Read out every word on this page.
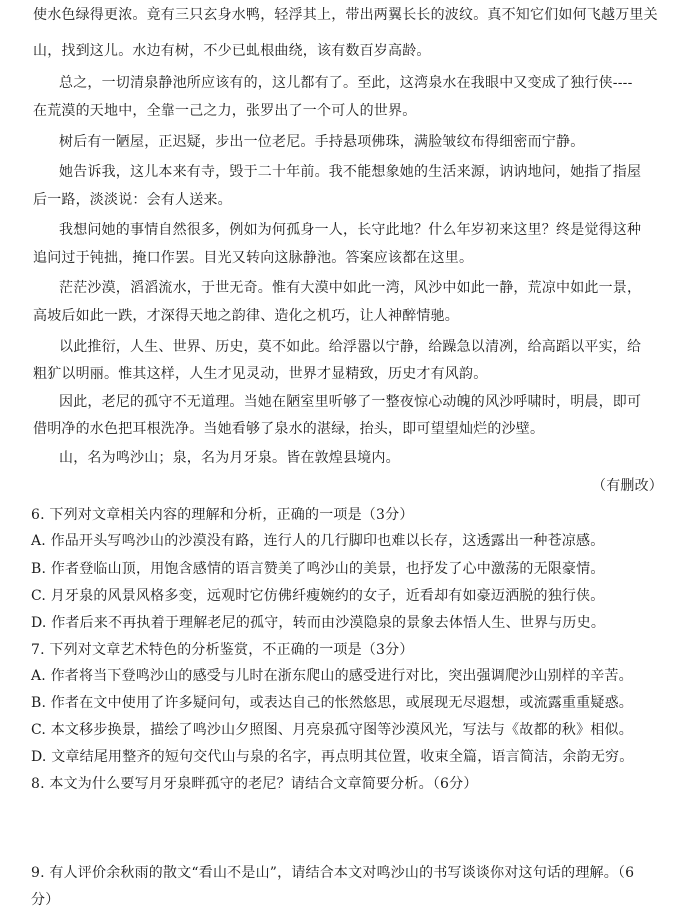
使水色绿得更浓。竟有三只玄身水鸭，轻浮其上，带出两翼长长的波纹。真不知它们如何飞越万里关
山，找到这儿。水边有树，不少已虬根曲绕，该有数百岁高龄。
总之，一切清泉静池所应该有的，这儿都有了。至此，这湾泉水在我眼中又变成了独行侠----
在荒漠的天地中，全靠一己之力，张罗出了一个可人的世界。
树后有一陋屋，正迟疑，步出一位老尼。手持悬项佛珠，满脸皱纹布得细密而宁静。
她告诉我，这儿本来有寺，毁于二十年前。我不能想象她的生活来源，讷讷地问，她指了指屋
后一路，淡淡说：会有人送来。
我想问她的事情自然很多，例如为何孤身一人，长守此地？什么年岁初来这里？终是觉得这种
追问过于钝拙，掩口作罢。目光又转向这脉静池。答案应该都在这里。
茫茫沙漠，滔滔流水，于世无奇。惟有大漠中如此一湾，风沙中如此一静，荒凉中如此一景，
高坡后如此一跌，才深得天地之韵律、造化之机巧，让人神醉情驰。
以此推衍，人生、世界、历史，莫不如此。给浮嚣以宁静，给躁急以清冽，给高蹈以平实，给
粗犷以明丽。惟其这样，人生才见灵动，世界才显精致，历史才有风韵。
因此，老尼的孤守不无道理。当她在陋室里听够了一整夜惊心动魄的风沙呼啸时，明晨，即可
借明净的水色把耳根洗净。当她看够了泉水的湛绿，抬头，即可望望灿烂的沙壁。
山，名为鸣沙山；泉，名为月牙泉。皆在敦煌县境内。
（有删改）
6. 下列对文章相关内容的理解和分析，正确的一项是（3分）
A. 作品开头写鸣沙山的沙漠没有路，连行人的几行脚印也难以长存，这透露出一种苍凉感。
B. 作者登临山顶，用饱含感情的语言赞美了鸣沙山的美景，也抒发了心中激荡的无限豪情。
C. 月牙泉的风景风格多变，远观时它仿佛纤瘦婉约的女子，近看却有如豪迈洒脱的独行侠。
D. 作者后来不再执着于理解老尼的孤守，转而由沙漠隐泉的景象去体悟人生、世界与历史。
7. 下列对文章艺术特色的分析鉴赏，不正确的一项是（3分）
A. 作者将当下登鸣沙山的感受与儿时在浙东爬山的感受进行对比，突出强调爬沙山别样的辛苦。
B. 作者在文中使用了许多疑问句，或表达自己的怅然悠思，或展现无尽遐想，或流露重重疑惑。
C. 本文移步换景，描绘了鸣沙山夕照图、月亮泉孤守图等沙漠风光，写法与《故都的秋》相似。
D. 文章结尾用整齐的短句交代山与泉的名字，再点明其位置，收束全篇，语言简洁，余韵无穷。
8. 本文为什么要写月牙泉畔孤守的老尼？请结合文章简要分析。（6分）
9. 有人评价余秋雨的散文“看山不是山”，请结合本文对鸣沙山的书写谈谈你对这句话的理解。（6
分）
